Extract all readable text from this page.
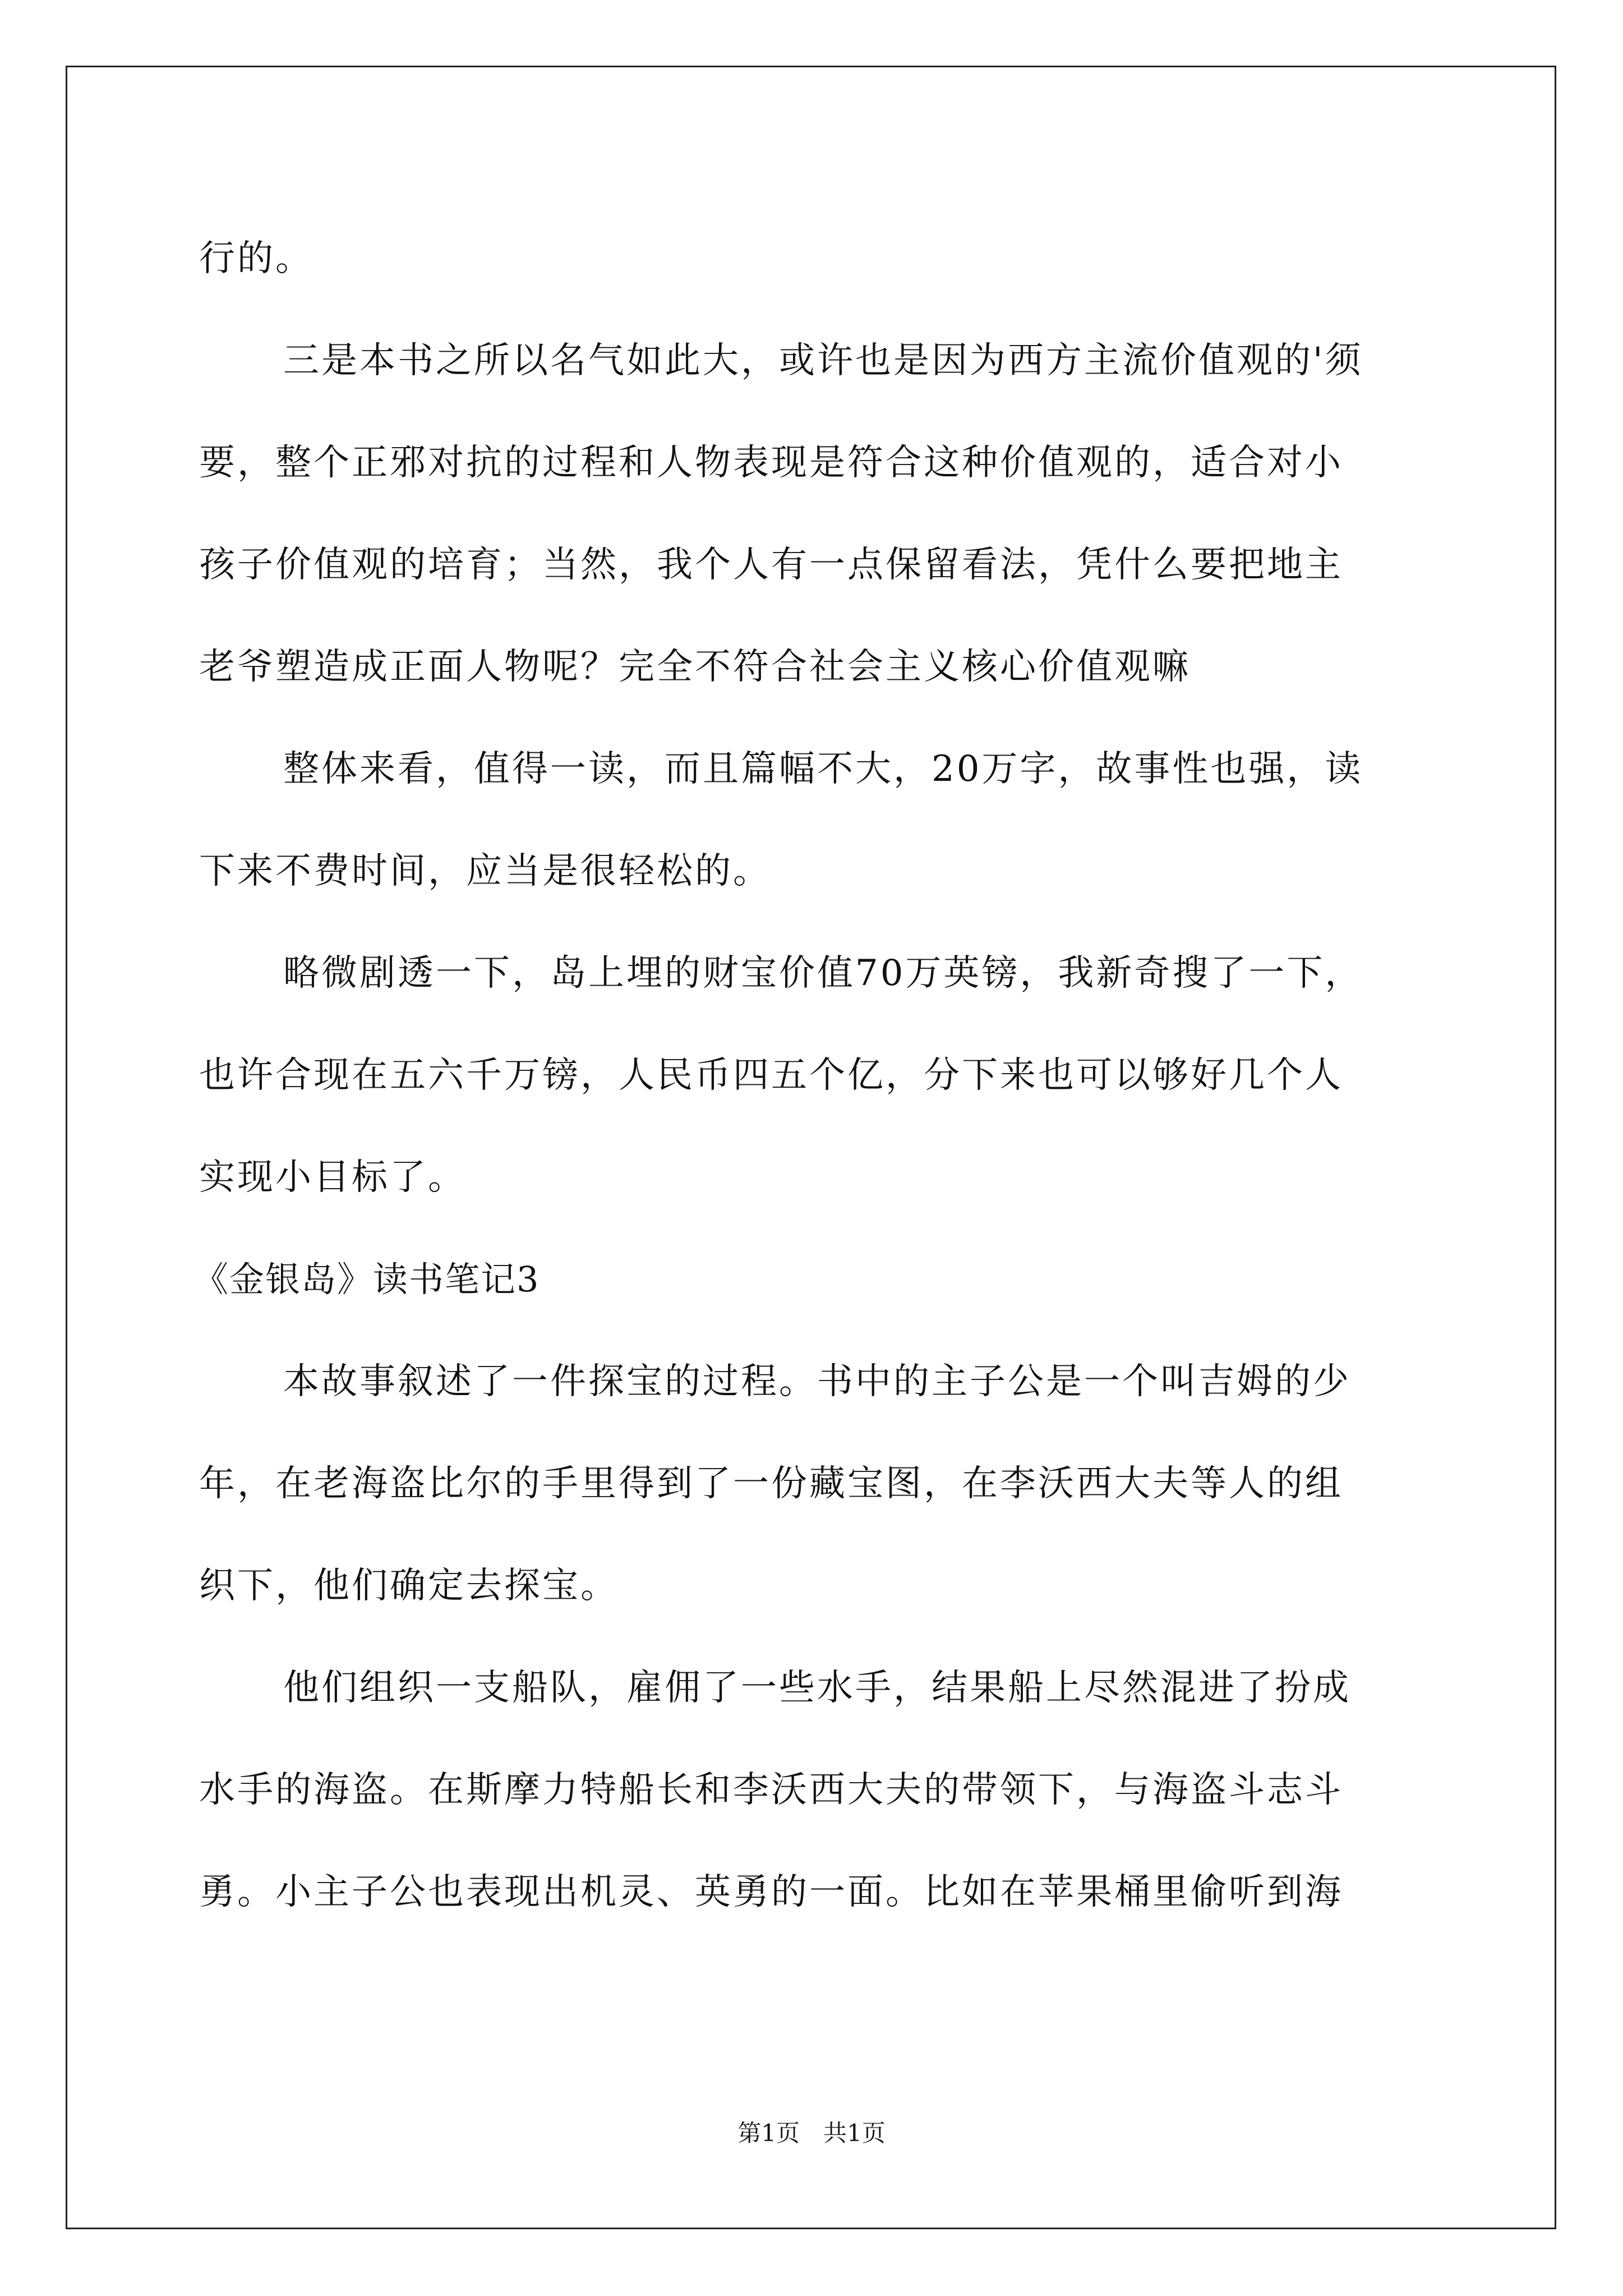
行的。
三是本书之所以名气如此大，或许也是因为西方主流价值观的'须
要，整个正邪对抗的过程和人物表现是符合这种价值观的，适合对小
孩子价值观的培育；当然，我个人有一点保留看法，凭什么要把地主
老爷塑造成正面人物呢？完全不符合社会主义核心价值观嘛
整体来看，值得一读，而且篇幅不大，20万字，故事性也强，读
下来不费时间，应当是很轻松的。
略微剧透一下，岛上埋的财宝价值70万英镑，我新奇搜了一下，
也许合现在五六千万镑，人民币四五个亿，分下来也可以够好几个人
实现小目标了。
《金银岛》读书笔记3
本故事叙述了一件探宝的过程。书中的主子公是一个叫吉姆的少
年，在老海盗比尔的手里得到了一份藏宝图，在李沃西大夫等人的组
织下，他们确定去探宝。
他们组织一支船队，雇佣了一些水手，结果船上尽然混进了扮成
水手的海盗。在斯摩力特船长和李沃西大夫的带领下，与海盗斗志斗
勇。小主子公也表现出机灵、英勇的一面。比如在苹果桶里偷听到海
第1页　共1页
